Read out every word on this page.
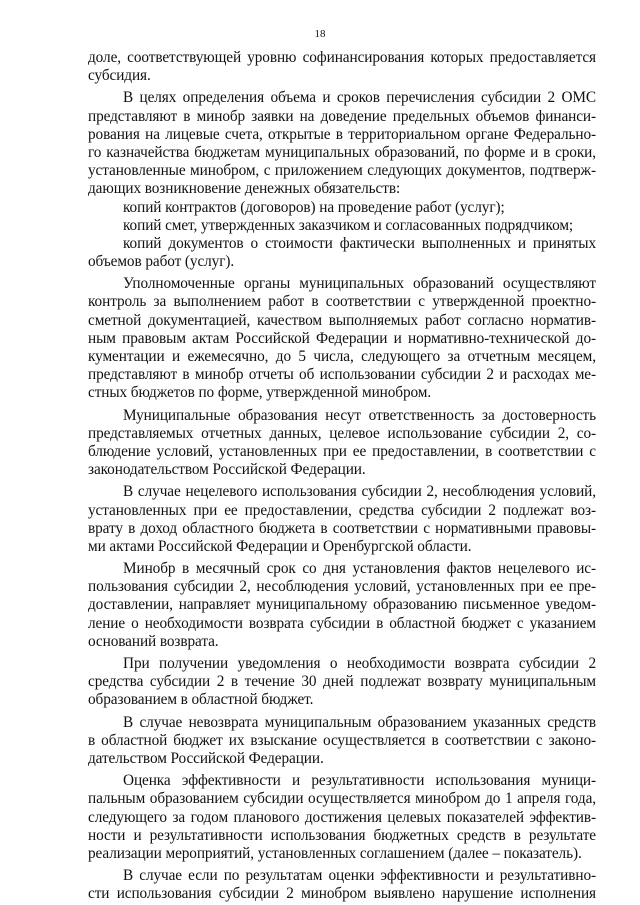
18
доле, соответствующей уровню софинансирования которых предоставляется
субсидия.
В целях определения объема и сроков перечисления субсидии 2 ОМС
представляют в минобр заявки на доведение предельных объемов финанси-
рования на лицевые счета, открытые в территориальном органе Федерально-
го казначейства бюджетам муниципальных образований, по форме и в сроки,
установленные минобром, с приложением следующих документов, подтверж-
дающих возникновение денежных обязательств:
копий контрактов (договоров) на проведение работ (услуг);
копий смет, утвержденных заказчиком и согласованных подрядчиком;
копий документов о стоимости фактически выполненных и принятых
объемов работ (услуг).
Уполномоченные органы муниципальных образований осуществляют
контроль за выполнением работ в соответствии с утвержденной проектно-
сметной документацией, качеством выполняемых работ согласно норматив-
ным правовым актам Российской Федерации и нормативно-технической до-
кументации и ежемесячно, до 5 числа, следующего за отчетным месяцем,
представляют в минобр отчеты об использовании субсидии 2 и расходах ме-
стных бюджетов по форме, утвержденной минобром.
Муниципальные образования несут ответственность за достоверность
представляемых отчетных данных, целевое использование субсидии 2, со-
блюдение условий, установленных при ее предоставлении, в соответствии с
законодательством Российской Федерации.
В случае нецелевого использования субсидии 2, несоблюдения условий,
установленных при ее предоставлении, средства субсидии 2 подлежат воз-
врату в доход областного бюджета в соответствии с нормативными правовы-
ми актами Российской Федерации и Оренбургской области.
Минобр в месячный срок со дня установления фактов нецелевого ис-
пользования субсидии 2, несоблюдения условий, установленных при ее пре-
доставлении, направляет муниципальному образованию письменное уведом-
ление о необходимости возврата субсидии в областной бюджет с указанием
оснований возврата.
При получении уведомления о необходимости возврата субсидии 2
средства субсидии 2 в течение 30 дней подлежат возврату муниципальным
образованием в областной бюджет.
В случае невозврата муниципальным образованием указанных средств
в областной бюджет их взыскание осуществляется в соответствии с законо-
дательством Российской Федерации.
Оценка эффективности и результативности использования муници-
пальным образованием субсидии осуществляется минобром до 1 апреля года,
следующего за годом планового достижения целевых показателей эффектив-
ности и результативности использования бюджетных средств в результате
реализации мероприятий, установленных соглашением (далее – показатель).
В случае если по результатам оценки эффективности и результативно-
сти использования субсидии 2 минобром выявлено нарушение исполнения
